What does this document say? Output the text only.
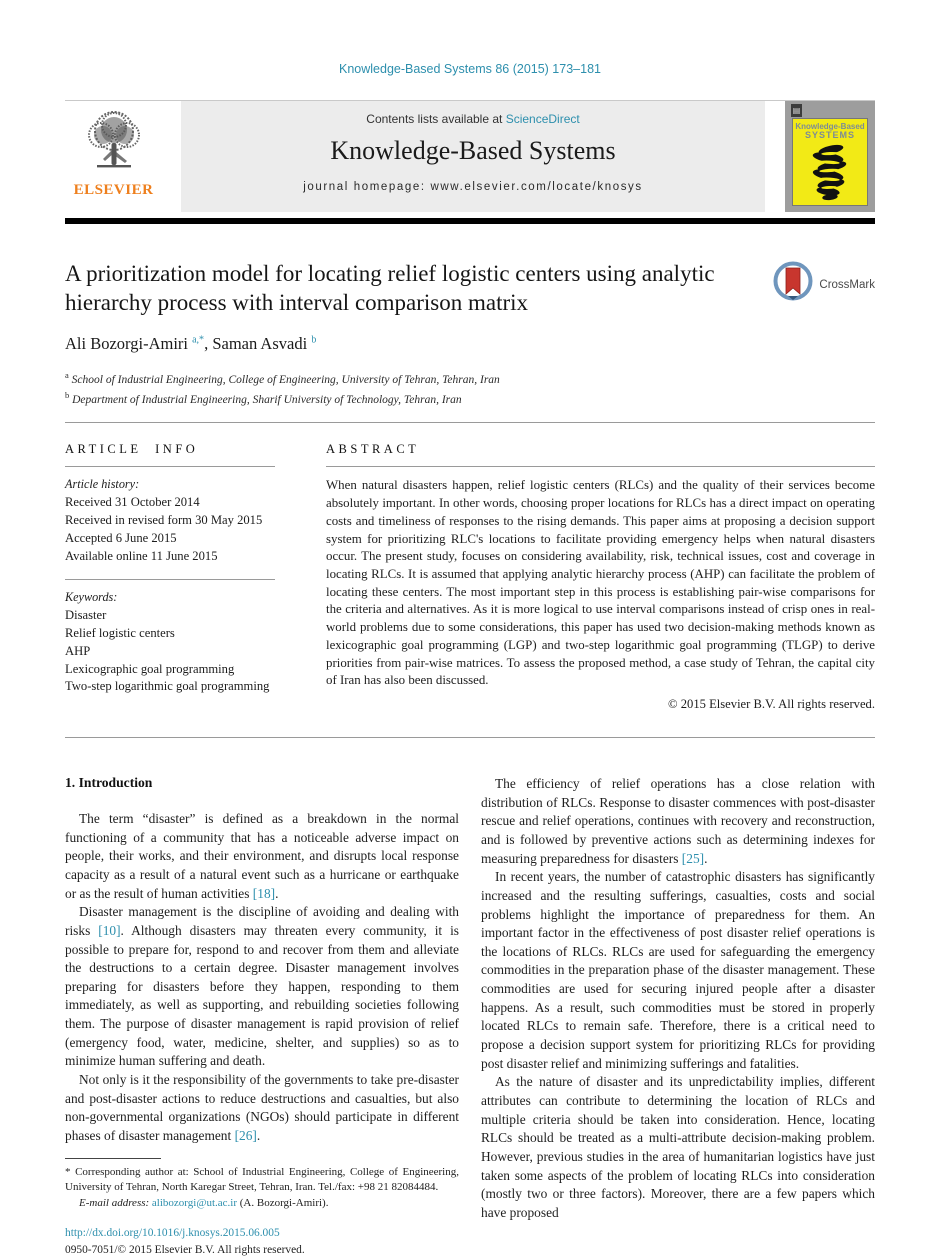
Knowledge-Based Systems 86 (2015) 173–181
ELSEVIER
Contents lists available at ScienceDirect
Knowledge-Based Systems
journal homepage: www.elsevier.com/locate/knosys
▤
Knowledge-Based
SYSTEMS
A prioritization model for locating relief logistic centers using analytic hierarchy process with interval comparison matrix
CrossMark
Ali Bozorgi-Amiri $^{a,*}$, Saman Asvadi $^b$
$^a$ School of Industrial Engineering, College of Engineering, University of Tehran, Tehran, Iran
$^b$ Department of Industrial Engineering, Sharif University of Technology, Tehran, Iran
ARTICLE INFO
Article history:
Received 31 October 2014
Received in revised form 30 May 2015
Accepted 6 June 2015
Available online 11 June 2015
Keywords:
Disaster
Relief logistic centers
AHP
Lexicographic goal programming
Two-step logarithmic goal programming
ABSTRACT
When natural disasters happen, relief logistic centers (RLCs) and the quality of their services become absolutely important. In other words, choosing proper locations for RLCs has a direct impact on operating costs and timeliness of responses to the rising demands. This paper aims at proposing a decision support system for prioritizing RLC's locations to facilitate providing emergency helps when natural disasters occur. The present study, focuses on considering availability, risk, technical issues, cost and coverage in locating RLCs. It is assumed that applying analytic hierarchy process (AHP) can facilitate the problem of locating these centers. The most important step in this process is establishing pair-wise comparisons for the criteria and alternatives. As it is more logical to use interval comparisons instead of crisp ones in real-world problems due to some considerations, this paper has used two decision-making methods known as lexicographic goal programming (LGP) and two-step logarithmic goal programming (TLGP) to derive priorities from pair-wise matrices. To assess the proposed method, a case study of Tehran, the capital city of Iran has also been discussed.
© 2015 Elsevier B.V. All rights reserved.
1. Introduction

The term “disaster” is defined as a breakdown in the normal functioning of a community that has a noticeable adverse impact on people, their works, and their environment, and disrupts local response capacity as a result of a natural event such as a hurricane or earthquake or as the result of human activities [18].

Disaster management is the discipline of avoiding and dealing with risks [10]. Although disasters may threaten every community, it is possible to prepare for, respond to and recover from them and alleviate the destructions to a certain degree. Disaster management involves preparing for disasters before they happen, responding to them immediately, as well as supporting, and rebuilding societies following them. The purpose of disaster management is rapid provision of relief (emergency food, water, medicine, shelter, and supplies) so as to minimize human suffering and death.

Not only is it the responsibility of the governments to take pre-disaster and post-disaster actions to reduce destructions and casualties, but also non-governmental organizations (NGOs) should participate in different phases of disaster management [26].

* Corresponding author at: School of Industrial Engineering, College of Engineering, University of Tehran, North Karegar Street, Tehran, Iran. Tel./fax: +98 21 82084484.
E-mail address: alibozorgi@ut.ac.ir (A. Bozorgi-Amiri).
http://dx.doi.org/10.1016/j.knosys.2015.06.005
0950-7051/© 2015 Elsevier B.V. All rights reserved.

The efficiency of relief operations has a close relation with distribution of RLCs. Response to disaster commences with post-disaster rescue and relief operations, continues with recovery and reconstruction, and is followed by preventive actions such as determining indexes for measuring preparedness for disasters [25].

In recent years, the number of catastrophic disasters has significantly increased and the resulting sufferings, casualties, costs and social problems highlight the importance of preparedness for them. An important factor in the effectiveness of post disaster relief operations is the locations of RLCs. RLCs are used for safeguarding the emergency commodities in the preparation phase of the disaster management. These commodities are used for securing injured people after a disaster happens. As a result, such commodities must be stored in properly located RLCs to remain safe. Therefore, there is a critical need to propose a decision support system for prioritizing RLCs for providing post disaster relief and minimizing sufferings and fatalities.

As the nature of disaster and its unpredictability implies, different attributes can contribute to determining the location of RLCs and multiple criteria should be taken into consideration. Hence, locating RLCs should be treated as a multi-attribute decision-making problem. However, previous studies in the area of humanitarian logistics have just taken some aspects of the problem of locating RLCs into consideration (mostly two or three factors). Moreover, there are a few papers which have proposed
